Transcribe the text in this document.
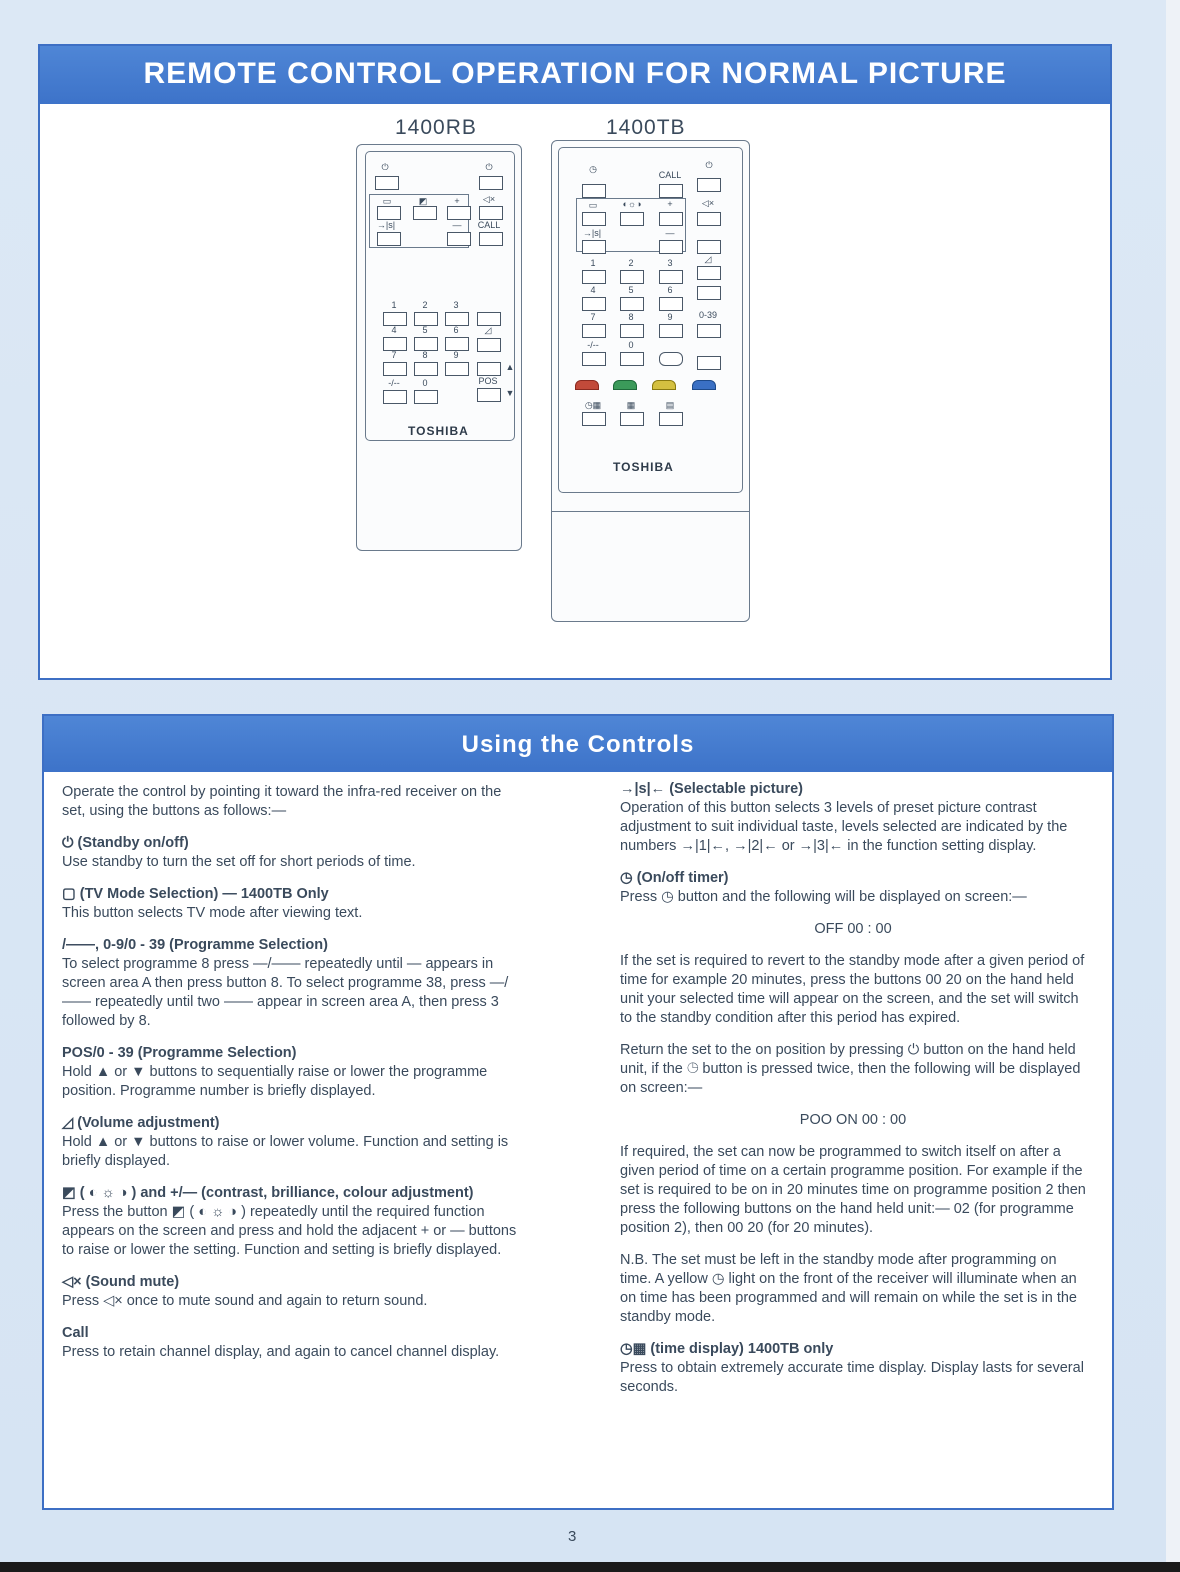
REMOTE CONTROL OPERATION FOR NORMAL PICTURE
1400RB	1400TB
⏻	⏻
▭	◩	+	◁×
→|s|	—	CALL
1	2	3
4	5	6
7	8	9
-/--	0
◿
POS
▲
▼
TOSHIBA
◷
CALL
⏻
▭	◐☼◑	+	◁×
→|s|	—
1	2	3
4	5	6
7	8	9
-/--	0
◿
0-39
◷▦	▦	▤
TOSHIBA
Using the Controls

Operate the control by pointing it toward the infra-red receiver on the set, using the buttons as follows:—

⏻ (Standby on/off)
Use standby to turn the set off for short periods of time.

▢ (TV Mode Selection) — 1400TB Only
This button selects TV mode after viewing text.

/——, 0-9/0 - 39 (Programme Selection)
To select programme 8 press —/—— repeatedly until — appears in screen area A then press button 8. To select programme 38, press —/—— repeatedly until two —— appear in screen area A, then press 3 followed by 8.

POS/0 - 39 (Programme Selection)
Hold ▲ or ▼ buttons to sequentially raise or lower the programme position. Programme number is briefly displayed.

◿ (Volume adjustment)
Hold ▲ or ▼ buttons to raise or lower volume. Function and setting is briefly displayed.

◩ ( ◐ ☼ ◑ ) and +/— (contrast, brilliance, colour adjustment)
Press the button ◩ ( ◐ ☼ ◑ ) repeatedly until the required function appears on the screen and press and hold the adjacent + or — buttons to raise or lower the setting. Function and setting is briefly displayed.

◁× (Sound mute)
Press ◁× once to mute sound and again to return sound.

Call
Press to retain channel display, and again to cancel channel display.

→|s|← (Selectable picture)
Operation of this button selects 3 levels of preset picture contrast adjustment to suit individual taste, levels selected are indicated by the numbers →|1|←, →|2|← or →|3|← in the function setting display.

◷ (On/off timer)
Press ◷ button and the following will be displayed on screen:—

OFF 00 : 00

If the set is required to revert to the standby mode after a given period of time for example 20 minutes, press the buttons 00 20 on the hand held unit your selected time will appear on the screen, and the set will switch to the standby condition after this period has expired.

Return the set to the on position by pressing ⏻ button on the hand held unit, if the ◷ button is pressed twice, then the following will be displayed on screen:—

POO ON 00 : 00

If required, the set can now be programmed to switch itself on after a given period of time on a certain programme position. For example if the set is required to be on in 20 minutes time on programme position 2 then press the following buttons on the hand held unit:— 02 (for programme position 2), then 00 20 (for 20 minutes).

N.B. The set must be left in the standby mode after programming on time. A yellow ◷ light on the front of the receiver will illuminate when an on time has been programmed and will remain on while the set is in the standby mode.

◷▦ (time display) 1400TB only
Press to obtain extremely accurate time display. Display lasts for several seconds.

3
